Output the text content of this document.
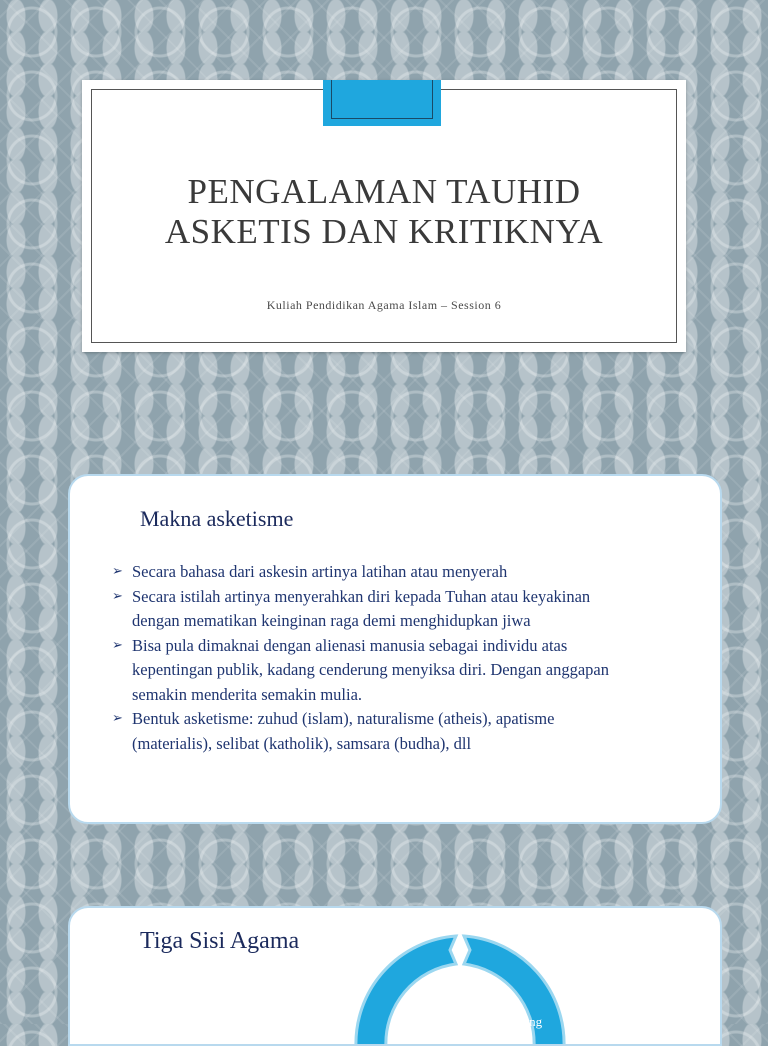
PENGALAMAN TAUHID
ASKETIS DAN KRITIKNYA
Kuliah Pendidikan Agama Islam – Session 6
Makna asketisme
➢ Secara bahasa dari askesin artinya latihan atau menyerah
➢ Secara istilah artinya menyerahkan diri kepada Tuhan atau keyakinan
dengan mematikan keinginan raga demi menghidupkan jiwa
➢ Bisa pula dimaknai dengan alienasi manusia sebagai individu atas
kepentingan publik, kadang cenderung menyiksa diri. Dengan anggapan
semakin menderita semakin mulia.
➢ Bentuk asketisme: zuhud (islam), naturalisme (atheis), apatisme
(materialis), selibat (katholik), samsara (budha), dll
Tiga Sisi Agama
Being	Knowing
